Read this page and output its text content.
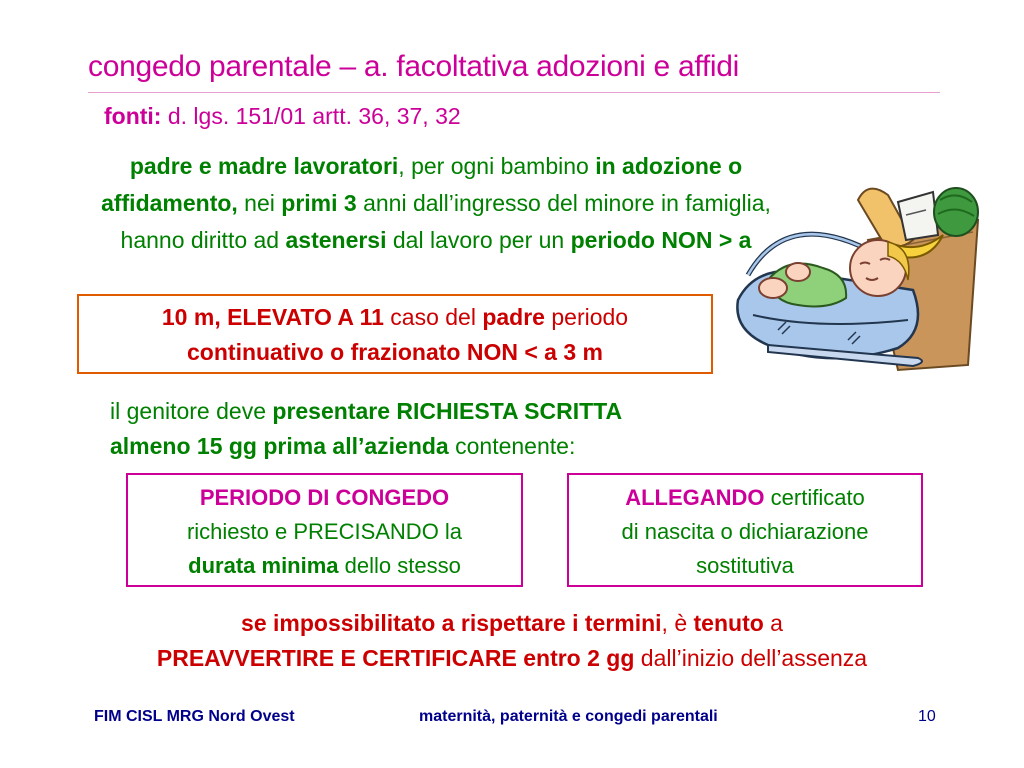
congedo parentale – a. facoltativa adozioni e affidi
fonti: d. lgs. 151/01 artt. 36, 37, 32
padre e madre lavoratori, per ogni bambino in adozione o affidamento, nei primi 3 anni dall’ingresso del minore in famiglia, hanno diritto ad astenersi dal lavoro per un periodo NON > a
10 m, ELEVATO A 11 caso del padre periodo
continuativo o frazionato NON < a 3 m
il genitore deve presentare RICHIESTA SCRITTA
almeno 15 gg prima all’azienda contenente:
PERIODO DI CONGEDO
richiesto e PRECISANDO la
durata minima dello stesso
ALLEGANDO certificato
di nascita o dichiarazione
sostitutiva
se impossibilitato a rispettare i termini, è tenuto a
PREAVVERTIRE E CERTIFICARE entro 2 gg dall’inizio dell’assenza
FIM CISL MRG Nord Ovest	maternità, paternità e congedi parentali	10
